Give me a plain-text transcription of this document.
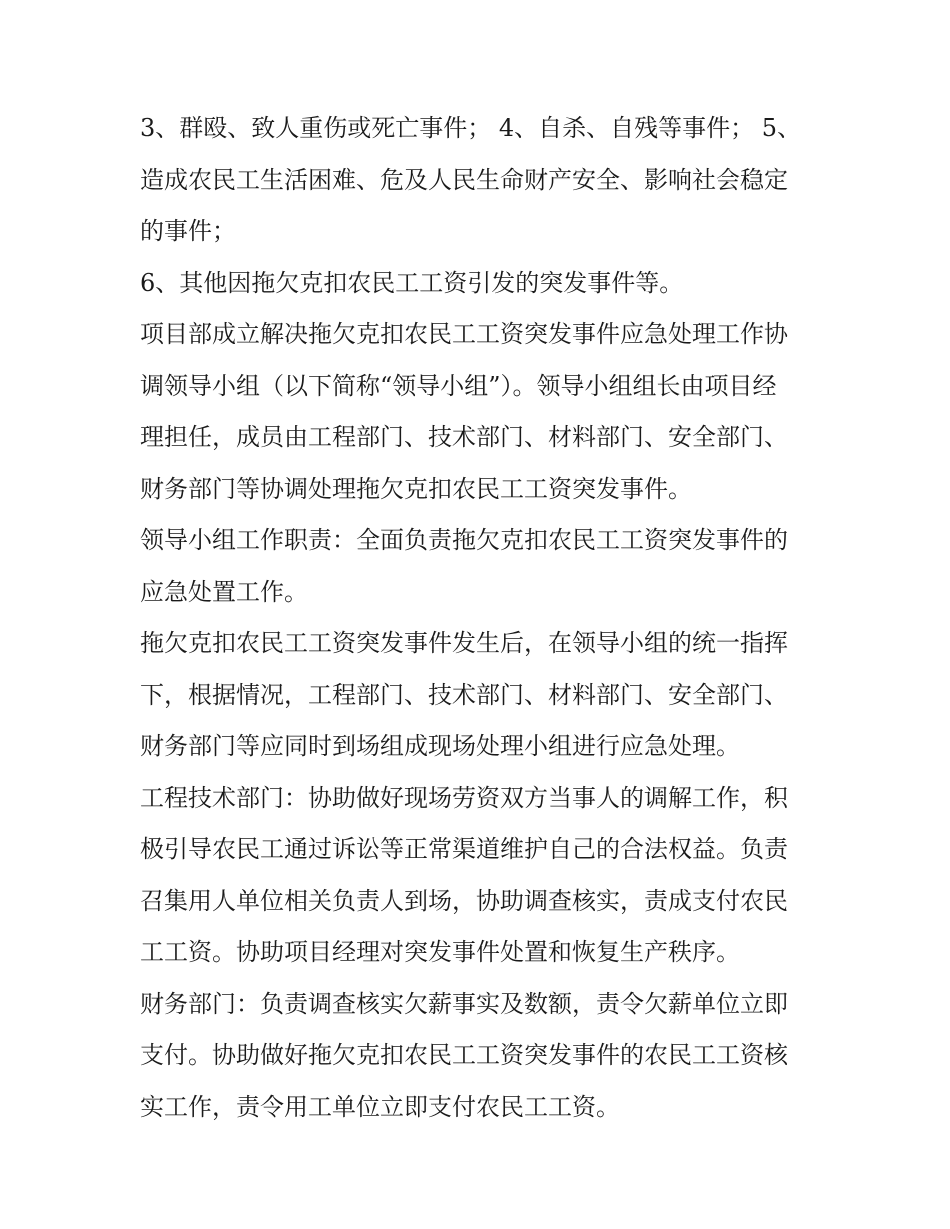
3、群殴、致人重伤或死亡事件； 4、自杀、自残等事件； 5、

造成农民工生活困难、危及人民生命财产安全、影响社会稳定

的事件；

6、其他因拖欠克扣农民工工资引发的突发事件等。

项目部成立解决拖欠克扣农民工工资突发事件应急处理工作协

调领导小组（以下简称“领导小组”）。领导小组组长由项目经

理担任，成员由工程部门、技术部门、材料部门、安全部门、

财务部门等协调处理拖欠克扣农民工工资突发事件。

领导小组工作职责：全面负责拖欠克扣农民工工资突发事件的

应急处置工作。

拖欠克扣农民工工资突发事件发生后，在领导小组的统一指挥

下，根据情况，工程部门、技术部门、材料部门、安全部门、

财务部门等应同时到场组成现场处理小组进行应急处理。

工程技术部门：协助做好现场劳资双方当事人的调解工作，积

极引导农民工通过诉讼等正常渠道维护自己的合法权益。负责

召集用人单位相关负责人到场，协助调查核实，责成支付农民

工工资。协助项目经理对突发事件处置和恢复生产秩序。

财务部门：负责调查核实欠薪事实及数额，责令欠薪单位立即

支付。协助做好拖欠克扣农民工工资突发事件的农民工工资核

实工作，责令用工单位立即支付农民工工资。
